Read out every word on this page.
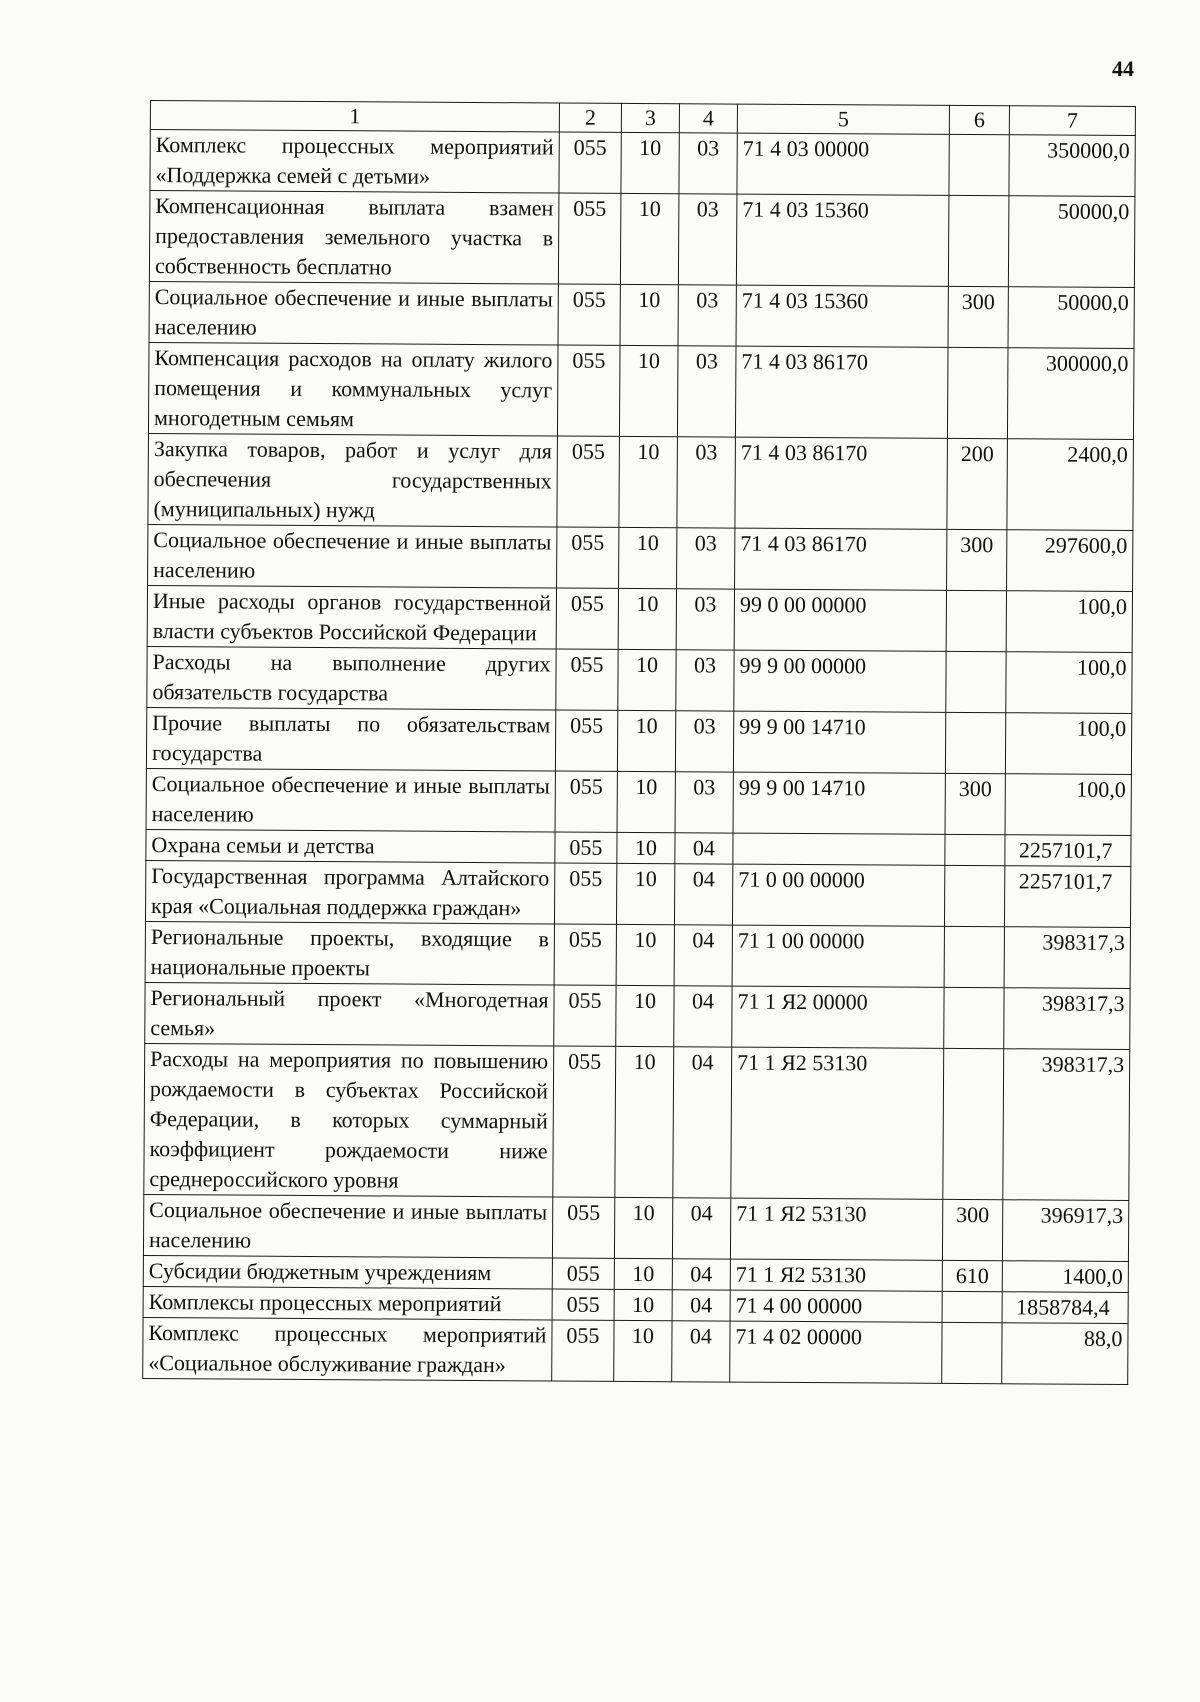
44
1	2	3	4	5	6	7
Комплекс процессных мероприятий «Поддержка семей с детьми»	055	10	03	71 4 03 00000		350000,0
Компенсационная выплата взамен предоставления земельного участка в собственность бесплатно	055	10	03	71 4 03 15360		50000,0
Социальное обеспечение и иные выплаты населению	055	10	03	71 4 03 15360	300	50000,0
Компенсация расходов на оплату жилого помещения и коммунальных услуг многодетным семьям	055	10	03	71 4 03 86170		300000,0
Закупка товаров, работ и услуг для обеспечения государственных (муниципальных) нужд	055	10	03	71 4 03 86170	200	2400,0
Социальное обеспечение и иные выплаты населению	055	10	03	71 4 03 86170	300	297600,0
Иные расходы органов государственной власти субъектов Российской Федерации	055	10	03	99 0 00 00000		100,0
Расходы на выполнение других обязательств государства	055	10	03	99 9 00 00000		100,0
Прочие выплаты по обязательствам государства	055	10	03	99 9 00 14710		100,0
Социальное обеспечение и иные выплаты населению	055	10	03	99 9 00 14710	300	100,0
Охрана семьи и детства	055	10	04			2257101,7
Государственная программа Алтайского края «Социальная поддержка граждан»	055	10	04	71 0 00 00000		2257101,7
Региональные проекты, входящие в национальные проекты	055	10	04	71 1 00 00000		398317,3
Региональный проект «Многодетная семья»	055	10	04	71 1 Я2 00000		398317,3
Расходы на мероприятия по повышению рождаемости в субъектах Российской Федерации, в которых суммарный коэффициент рождаемости ниже среднероссийского уровня	055	10	04	71 1 Я2 53130		398317,3
Социальное обеспечение и иные выплаты населению	055	10	04	71 1 Я2 53130	300	396917,3
Субсидии бюджетным учреждениям	055	10	04	71 1 Я2 53130	610	1400,0
Комплексы процессных мероприятий	055	10	04	71 4 00 00000		1858784,4
Комплекс процессных мероприятий «Социальное обслуживание граждан»	055	10	04	71 4 02 00000		88,0
